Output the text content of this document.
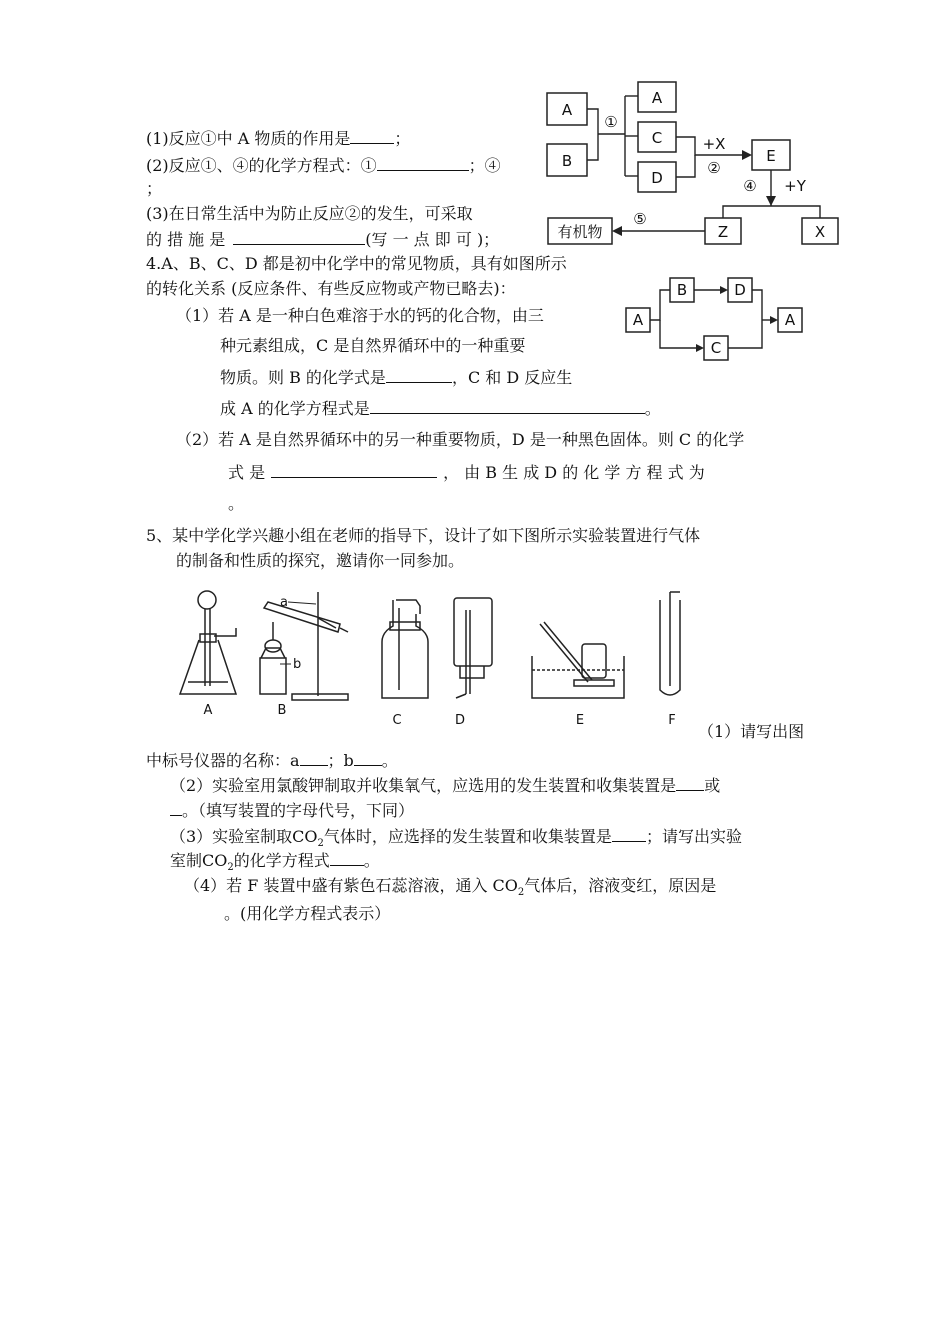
(1)反应①中 A 物质的作用是	；
(2)反应①、④的化学方程式：①	；④
；
(3)在日常生活中为防止反应②的发生，可采取
的 措 施 是	(写 一 点 即 可 )；
A
B
①
A
C
D
+X
②
E
④ +Y
Z	X
⑤
有机物
4.A、B、C、D 都是初中化学中的常见物质，具有如图所示
的转化关系 (反应条件、有些反应物或产物已略去)：
（1）若 A 是一种白色难溶于水的钙的化合物，由三
种元素组成，C 是自然界循环中的一种重要
物质。则 B 的化学式是	，C 和 D 反应生
成 A 的化学方程式是	。
（2）若 A 是自然界循环中的另一种重要物质，D 是一种黑色固体。则 C 的化学
式 是	， 由 B 生 成 D 的 化 学 方 程 式 为
。
A
B	D
C
A
5、某中学化学兴趣小组在老师的指导下，设计了如下图所示实验装置进行气体
的制备和性质的探究，邀请你一同参加。
A
a
b
B
C	D	E	F
（1）请写出图
中标号仪器的名称：a ；b 。
（2）实验室用氯酸钾制取并收集氧气，应选用的发生装置和收集装置是 或
。（填写装置的字母代号，下同）
（3）实验室制取$CO_2$气体时，应选择的发生装置和收集装置是 ；请写出实验
室制$CO_2$的化学方程式 。
（4）若 F 装置中盛有紫色石蕊溶液，通入 $CO_2$气体后，溶液变红，原因是
。(用化学方程式表示）
